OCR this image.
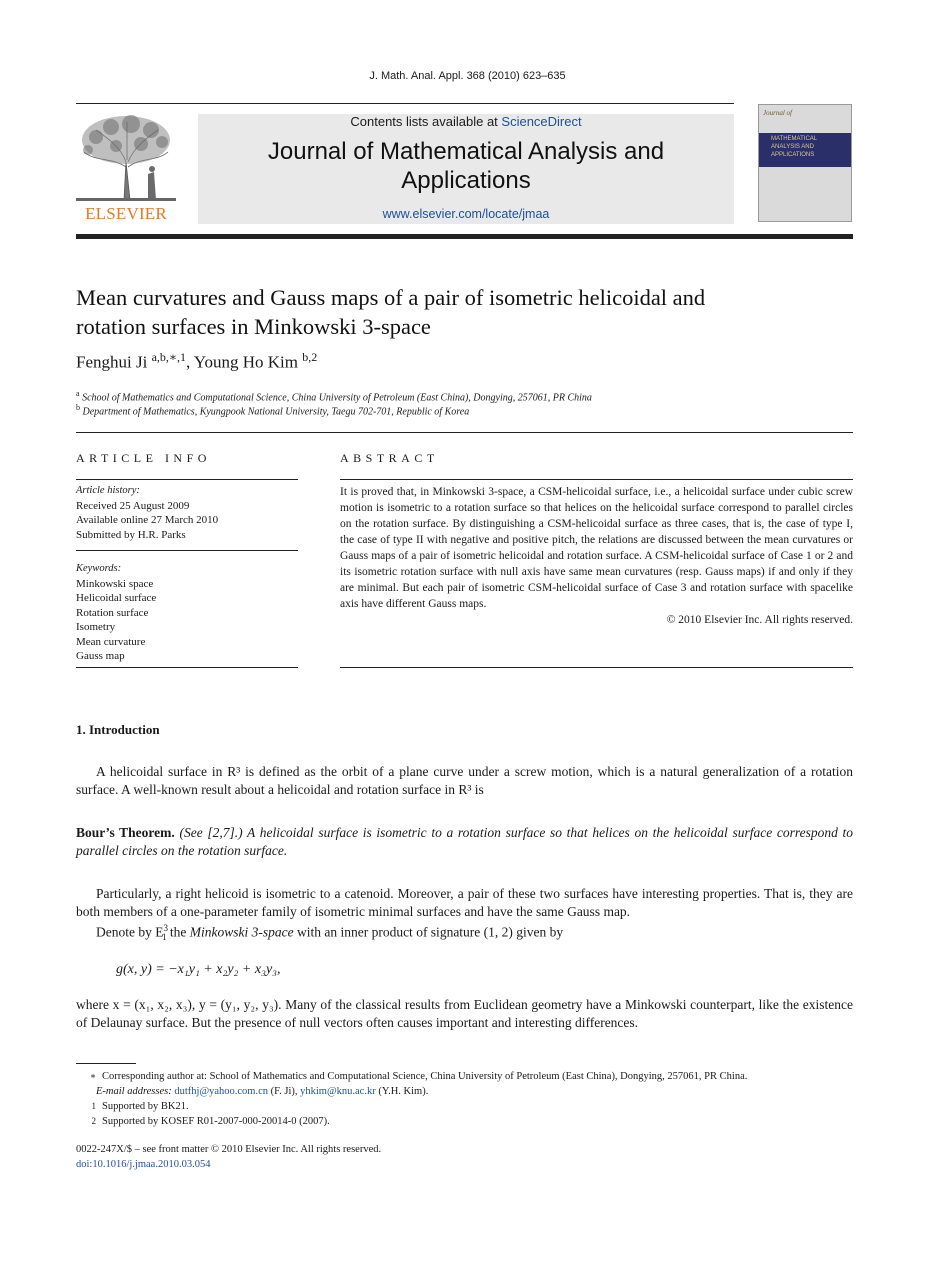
J. Math. Anal. Appl. 368 (2010) 623–635
ELSEVIER
Contents lists available at ScienceDirect
Journal of Mathematical Analysis and
Applications
www.elsevier.com/locate/jmaa
Journal of
MATHEMATICAL
ANALYSIS AND
APPLICATIONS
Mean curvatures and Gauss maps of a pair of isometric helicoidal and
rotation surfaces in Minkowski 3-space
Fenghui Ji $^{a,b,∗,1}$, Young Ho Kim $^{b,2}$
$^a$ School of Mathematics and Computational Science, China University of Petroleum (East China), Dongying, 257061, PR China
$^b$ Department of Mathematics, Kyungpook National University, Taegu 702-701, Republic of Korea
ARTICLE INFO
Article history:
Received 25 August 2009
Available online 27 March 2010
Submitted by H.R. Parks
Keywords:
Minkowski space
Helicoidal surface
Rotation surface
Isometry
Mean curvature
Gauss map
ABSTRACT
It is proved that, in Minkowski 3-space, a CSM-helicoidal surface, i.e., a helicoidal surface under cubic screw motion is isometric to a rotation surface so that helices on the helicoidal surface correspond to parallel circles on the rotation surface. By distinguishing a CSM-helicoidal surface as three cases, that is, the case of type I, the case of type II with negative and positive pitch, the relations are discussed between the mean curvatures or Gauss maps of a pair of isometric helicoidal and rotation surface. A CSM-helicoidal surface of Case 1 or 2 and its isometric rotation surface with null axis have same mean curvatures (resp. Gauss maps) if and only if they are minimal. But each pair of isometric CSM-helicoidal surface of Case 3 and rotation surface with spacelike axis have different Gauss maps.
© 2010 Elsevier Inc. All rights reserved.
1. Introduction
A helicoidal surface in R³ is defined as the orbit of a plane curve under a screw motion, which is a natural generalization of a rotation surface. A well-known result about a helicoidal and rotation surface in R³ is
Bour’s Theorem. (See [2,7].) A helicoidal surface is isometric to a rotation surface so that helices on the helicoidal surface correspond to parallel circles on the rotation surface.
Particularly, a right helicoid is isometric to a catenoid. Moreover, a pair of these two surfaces have interesting properties. That is, they are both members of a one-parameter family of isometric minimal surfaces and have the same Gauss map.
Denote by $E^3_1$ the Minkowski 3-space with an inner product of signature (1, 2) given by
g(x, y) = −x₁y₁ + x₂y₂ + x₃y₃,
where x = (x₁, x₂, x₃), y = (y₁, y₂, y₃). Many of the classical results from Euclidean geometry have a Minkowski counterpart, like the existence of Delaunay surface. But the presence of null vectors often causes important and interesting differences.
∗ Corresponding author at: School of Mathematics and Computational Science, China University of Petroleum (East China), Dongying, 257061, PR China.
E-mail addresses: dutfhj@yahoo.com.cn (F. Ji), yhkim@knu.ac.kr (Y.H. Kim).
1 Supported by BK21.
2 Supported by KOSEF R01-2007-000-20014-0 (2007).
0022-247X/$ – see front matter © 2010 Elsevier Inc. All rights reserved.
doi:10.1016/j.jmaa.2010.03.054
